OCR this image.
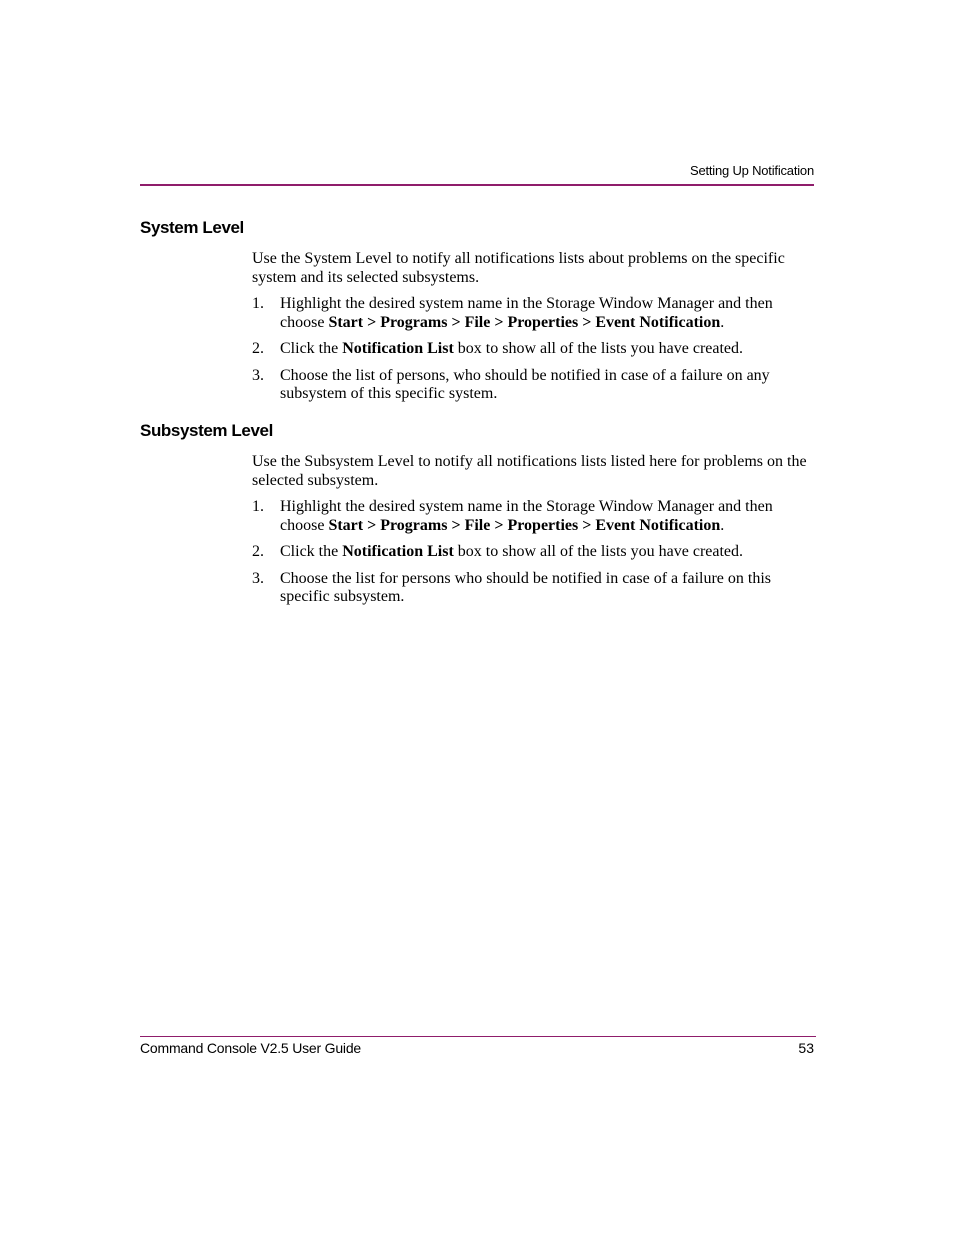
Setting Up Notification
System Level

Use the System Level to notify all notifications lists about problems on the specific system and its selected subsystems.

1. Highlight the desired system name in the Storage Window Manager and then choose Start > Programs > File > Properties > Event Notification.
2. Click the Notification List box to show all of the lists you have created.
3. Choose the list of persons, who should be notified in case of a failure on any subsystem of this specific system.
Subsystem Level

Use the Subsystem Level to notify all notifications lists listed here for problems on the selected subsystem.

1. Highlight the desired system name in the Storage Window Manager and then choose Start > Programs > File > Properties > Event Notification.
2. Click the Notification List box to show all of the lists you have created.
3. Choose the list for persons who should be notified in case of a failure on this specific subsystem.
Command Console V2.5 User Guide	53
